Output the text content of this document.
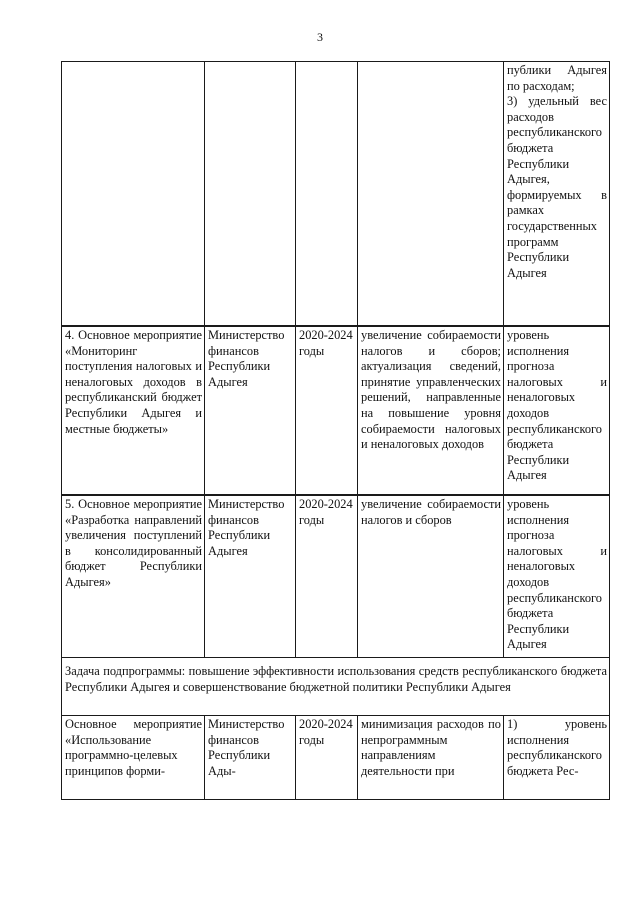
3

				публики Адыгея по расходам;
3) удельный вес расходов республиканского бюджета Республики Адыгея, формируемых в рамках государственных программ Республики Адыгея

4. Основное мероприятие «Мониторинг поступления налоговых и неналоговых доходов в республиканский бюджет Республики Адыгея и местные бюджеты»	Министерство финансов Республики Адыгея	2020-2024 годы	увеличение собираемости налогов и сборов; актуализация сведений, принятие управленческих решений, направленные на повышение уровня собираемости налоговых и неналоговых доходов	уровень исполнения прогноза налоговых и неналоговых доходов республиканского бюджета Республики Адыгея

5. Основное мероприятие «Разработка направлений увеличения поступлений в консолидированный бюджет Республики Адыгея»	Министерство финансов Республики Адыгея	2020-2024 годы	увеличение собираемости налогов и сборов	уровень исполнения прогноза налоговых и неналоговых доходов республиканского бюджета Республики Адыгея
Задача подпрограммы: повышение эффективности использования средств республиканского бюджета Республики Адыгея и совершенствование бюджетной политики Республики Адыгея				
Основное мероприятие «Использование программно-целевых принципов форми-	Министерство финансов Республики Ады-	2020-2024 годы	минимизация расходов по непрограммным направлениям деятельности при	1) уровень исполнения республиканского бюджета Рес-
